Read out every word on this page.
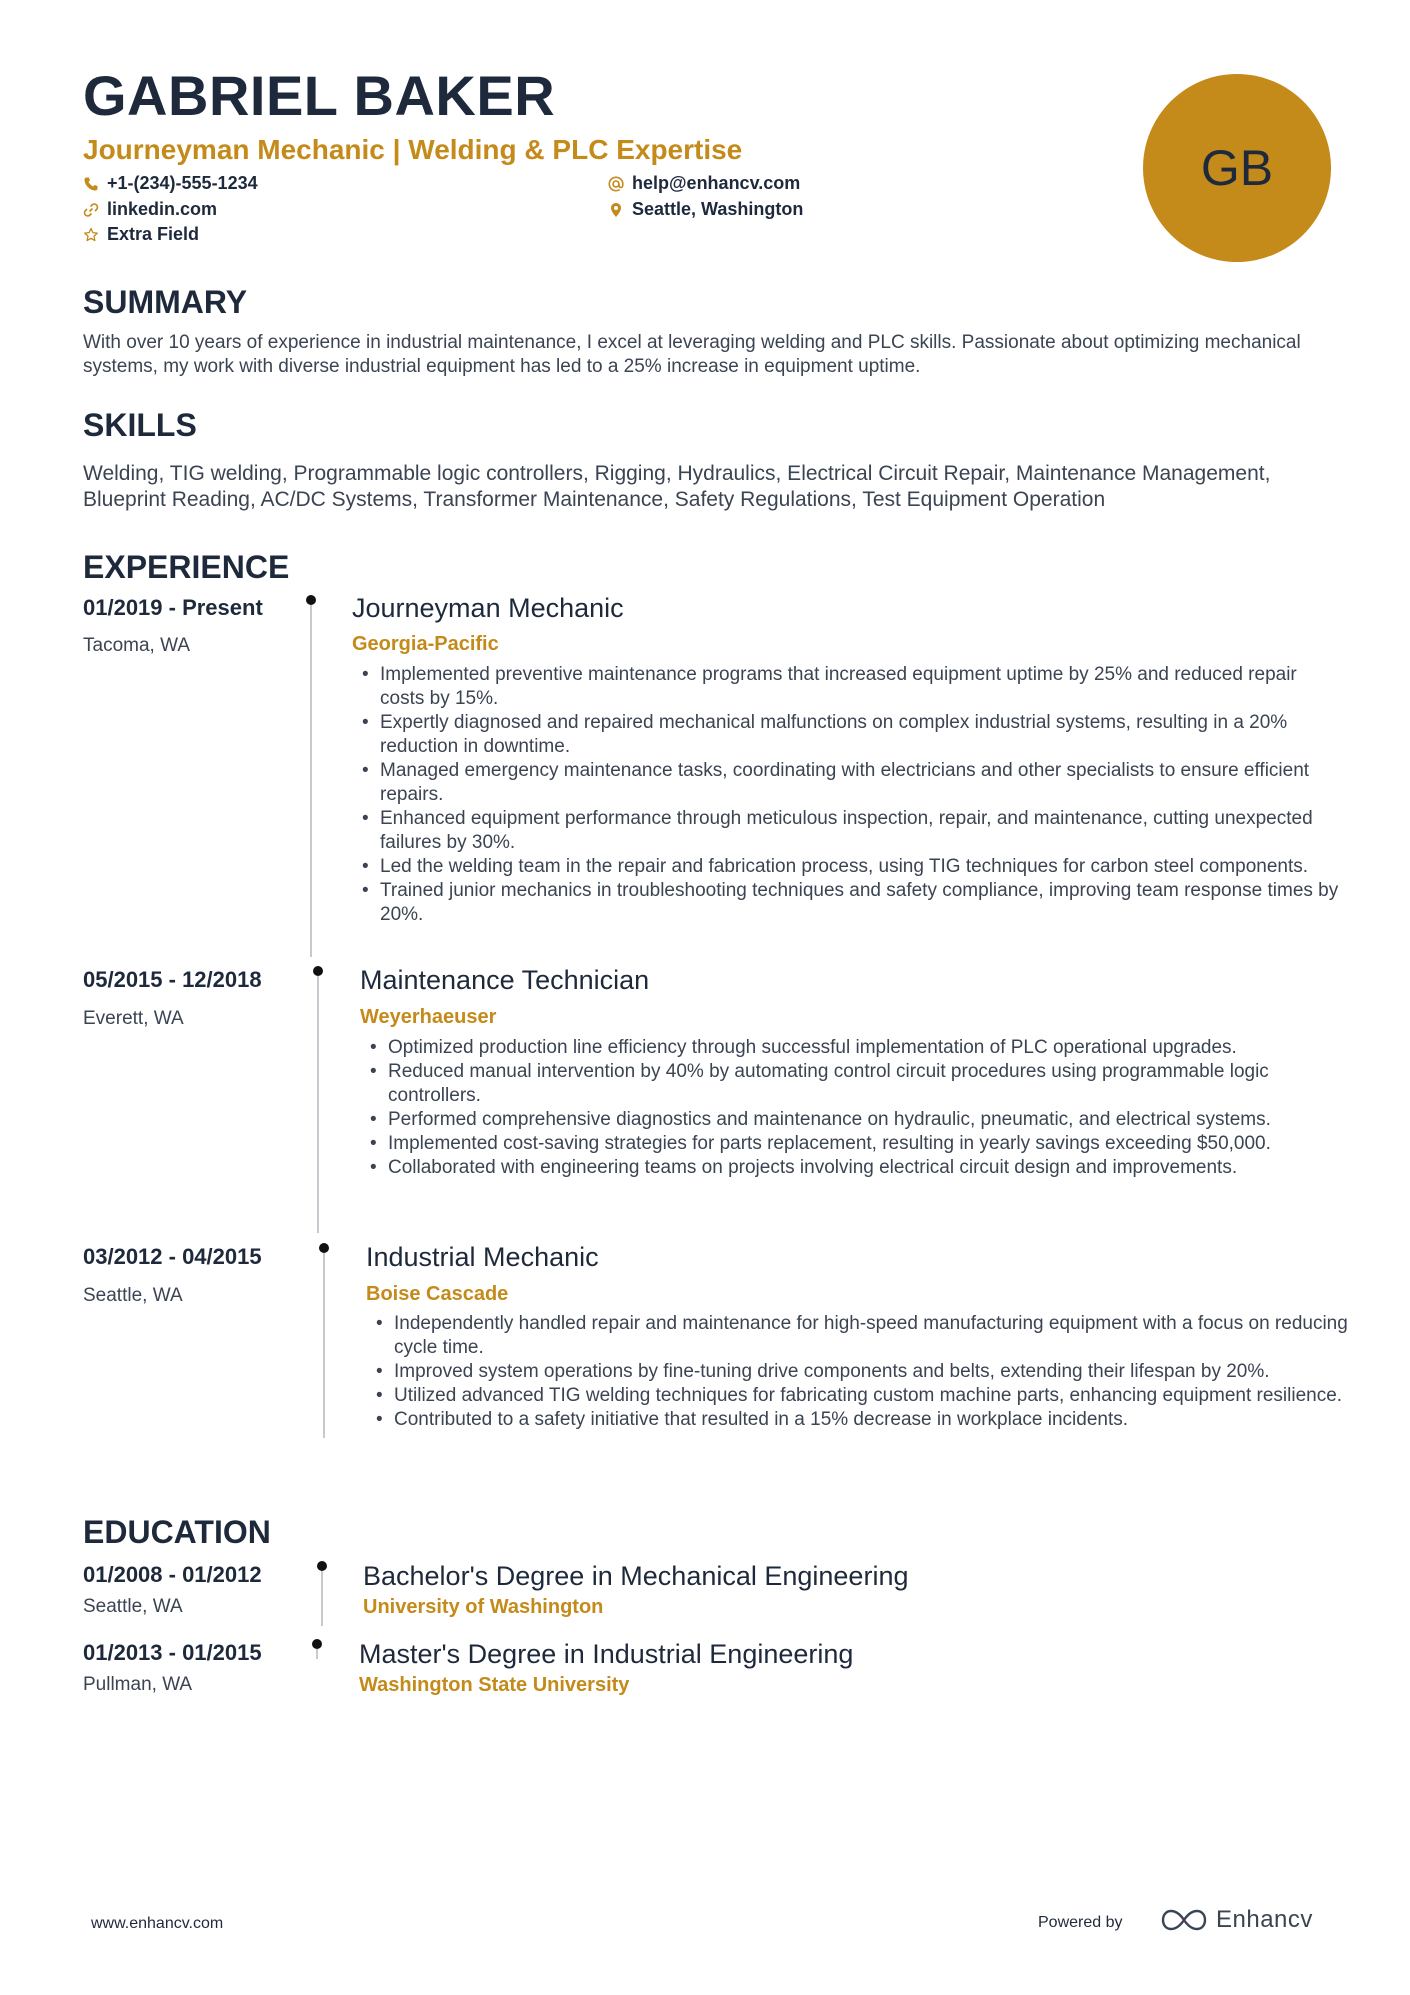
GABRIEL BAKER
Journeyman Mechanic | Welding & PLC Expertise
+1-(234)-555-1234	help@enhancv.com
linkedin.com	Seattle, Washington
Extra Field
GB
SUMMARY
With over 10 years of experience in industrial maintenance, I excel at leveraging welding and PLC skills. Passionate about optimizing mechanical systems, my work with diverse industrial equipment has led to a 25% increase in equipment uptime.
SKILLS
Welding, TIG welding, Programmable logic controllers, Rigging, Hydraulics, Electrical Circuit Repair, Maintenance Management, Blueprint Reading, AC/DC Systems, Transformer Maintenance, Safety Regulations, Test Equipment Operation
EXPERIENCE
01/2019 - Present
Tacoma, WA
Journeyman Mechanic
Georgia-Pacific
• Implemented preventive maintenance programs that increased equipment uptime by 25% and reduced repair costs by 15%.
• Expertly diagnosed and repaired mechanical malfunctions on complex industrial systems, resulting in a 20% reduction in downtime.
• Managed emergency maintenance tasks, coordinating with electricians and other specialists to ensure efficient repairs.
• Enhanced equipment performance through meticulous inspection, repair, and maintenance, cutting unexpected failures by 30%.
• Led the welding team in the repair and fabrication process, using TIG techniques for carbon steel components.
• Trained junior mechanics in troubleshooting techniques and safety compliance, improving team response times by 20%.
05/2015 - 12/2018
Everett, WA
Maintenance Technician
Weyerhaeuser
• Optimized production line efficiency through successful implementation of PLC operational upgrades.
• Reduced manual intervention by 40% by automating control circuit procedures using programmable logic controllers.
• Performed comprehensive diagnostics and maintenance on hydraulic, pneumatic, and electrical systems.
• Implemented cost-saving strategies for parts replacement, resulting in yearly savings exceeding $50,000.
• Collaborated with engineering teams on projects involving electrical circuit design and improvements.
03/2012 - 04/2015
Seattle, WA
Industrial Mechanic
Boise Cascade
• Independently handled repair and maintenance for high-speed manufacturing equipment with a focus on reducing cycle time.
• Improved system operations by fine-tuning drive components and belts, extending their lifespan by 20%.
• Utilized advanced TIG welding techniques for fabricating custom machine parts, enhancing equipment resilience.
• Contributed to a safety initiative that resulted in a 15% decrease in workplace incidents.
EDUCATION
01/2008 - 01/2012
Seattle, WA
Bachelor's Degree in Mechanical Engineering
University of Washington
01/2013 - 01/2015
Pullman, WA
Master's Degree in Industrial Engineering
Washington State University
www.enhancv.com	Powered by	Enhancv
